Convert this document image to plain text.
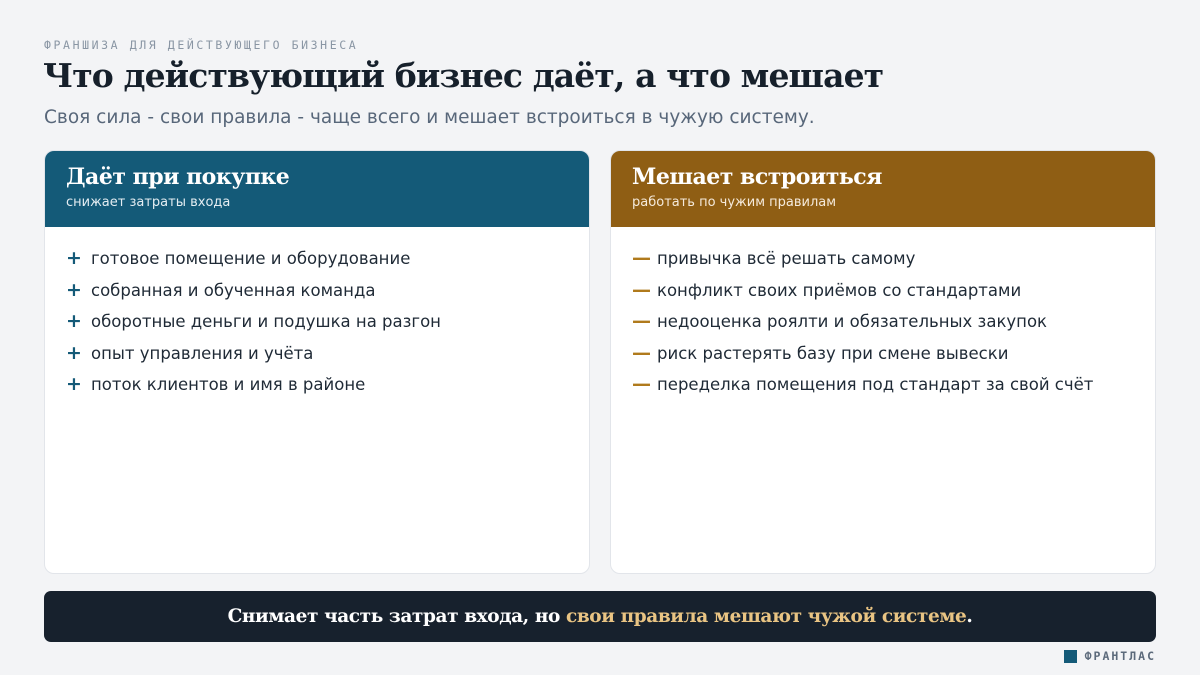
ФРАНШИЗА ДЛЯ ДЕЙСТВУЮЩЕГО БИЗНЕСА
Что действующий бизнес даёт, а что мешает
Своя сила - свои правила - чаще всего и мешает встроиться в чужую систему.
Даёт при покупке
снижает затраты входа
+ готовое помещение и оборудование
+ собранная и обученная команда
+ оборотные деньги и подушка на разгон
+ опыт управления и учёта
+ поток клиентов и имя в районе
Мешает встроиться
работать по чужим правилам
— привычка всё решать самому
— конфликт своих приёмов со стандартами
— недооценка роялти и обязательных закупок
— риск растерять базу при смене вывески
— переделка помещения под стандарт за свой счёт
Снимает часть затрат входа, но
свои правила мешают чужой системе .
ФРАНТЛАС
